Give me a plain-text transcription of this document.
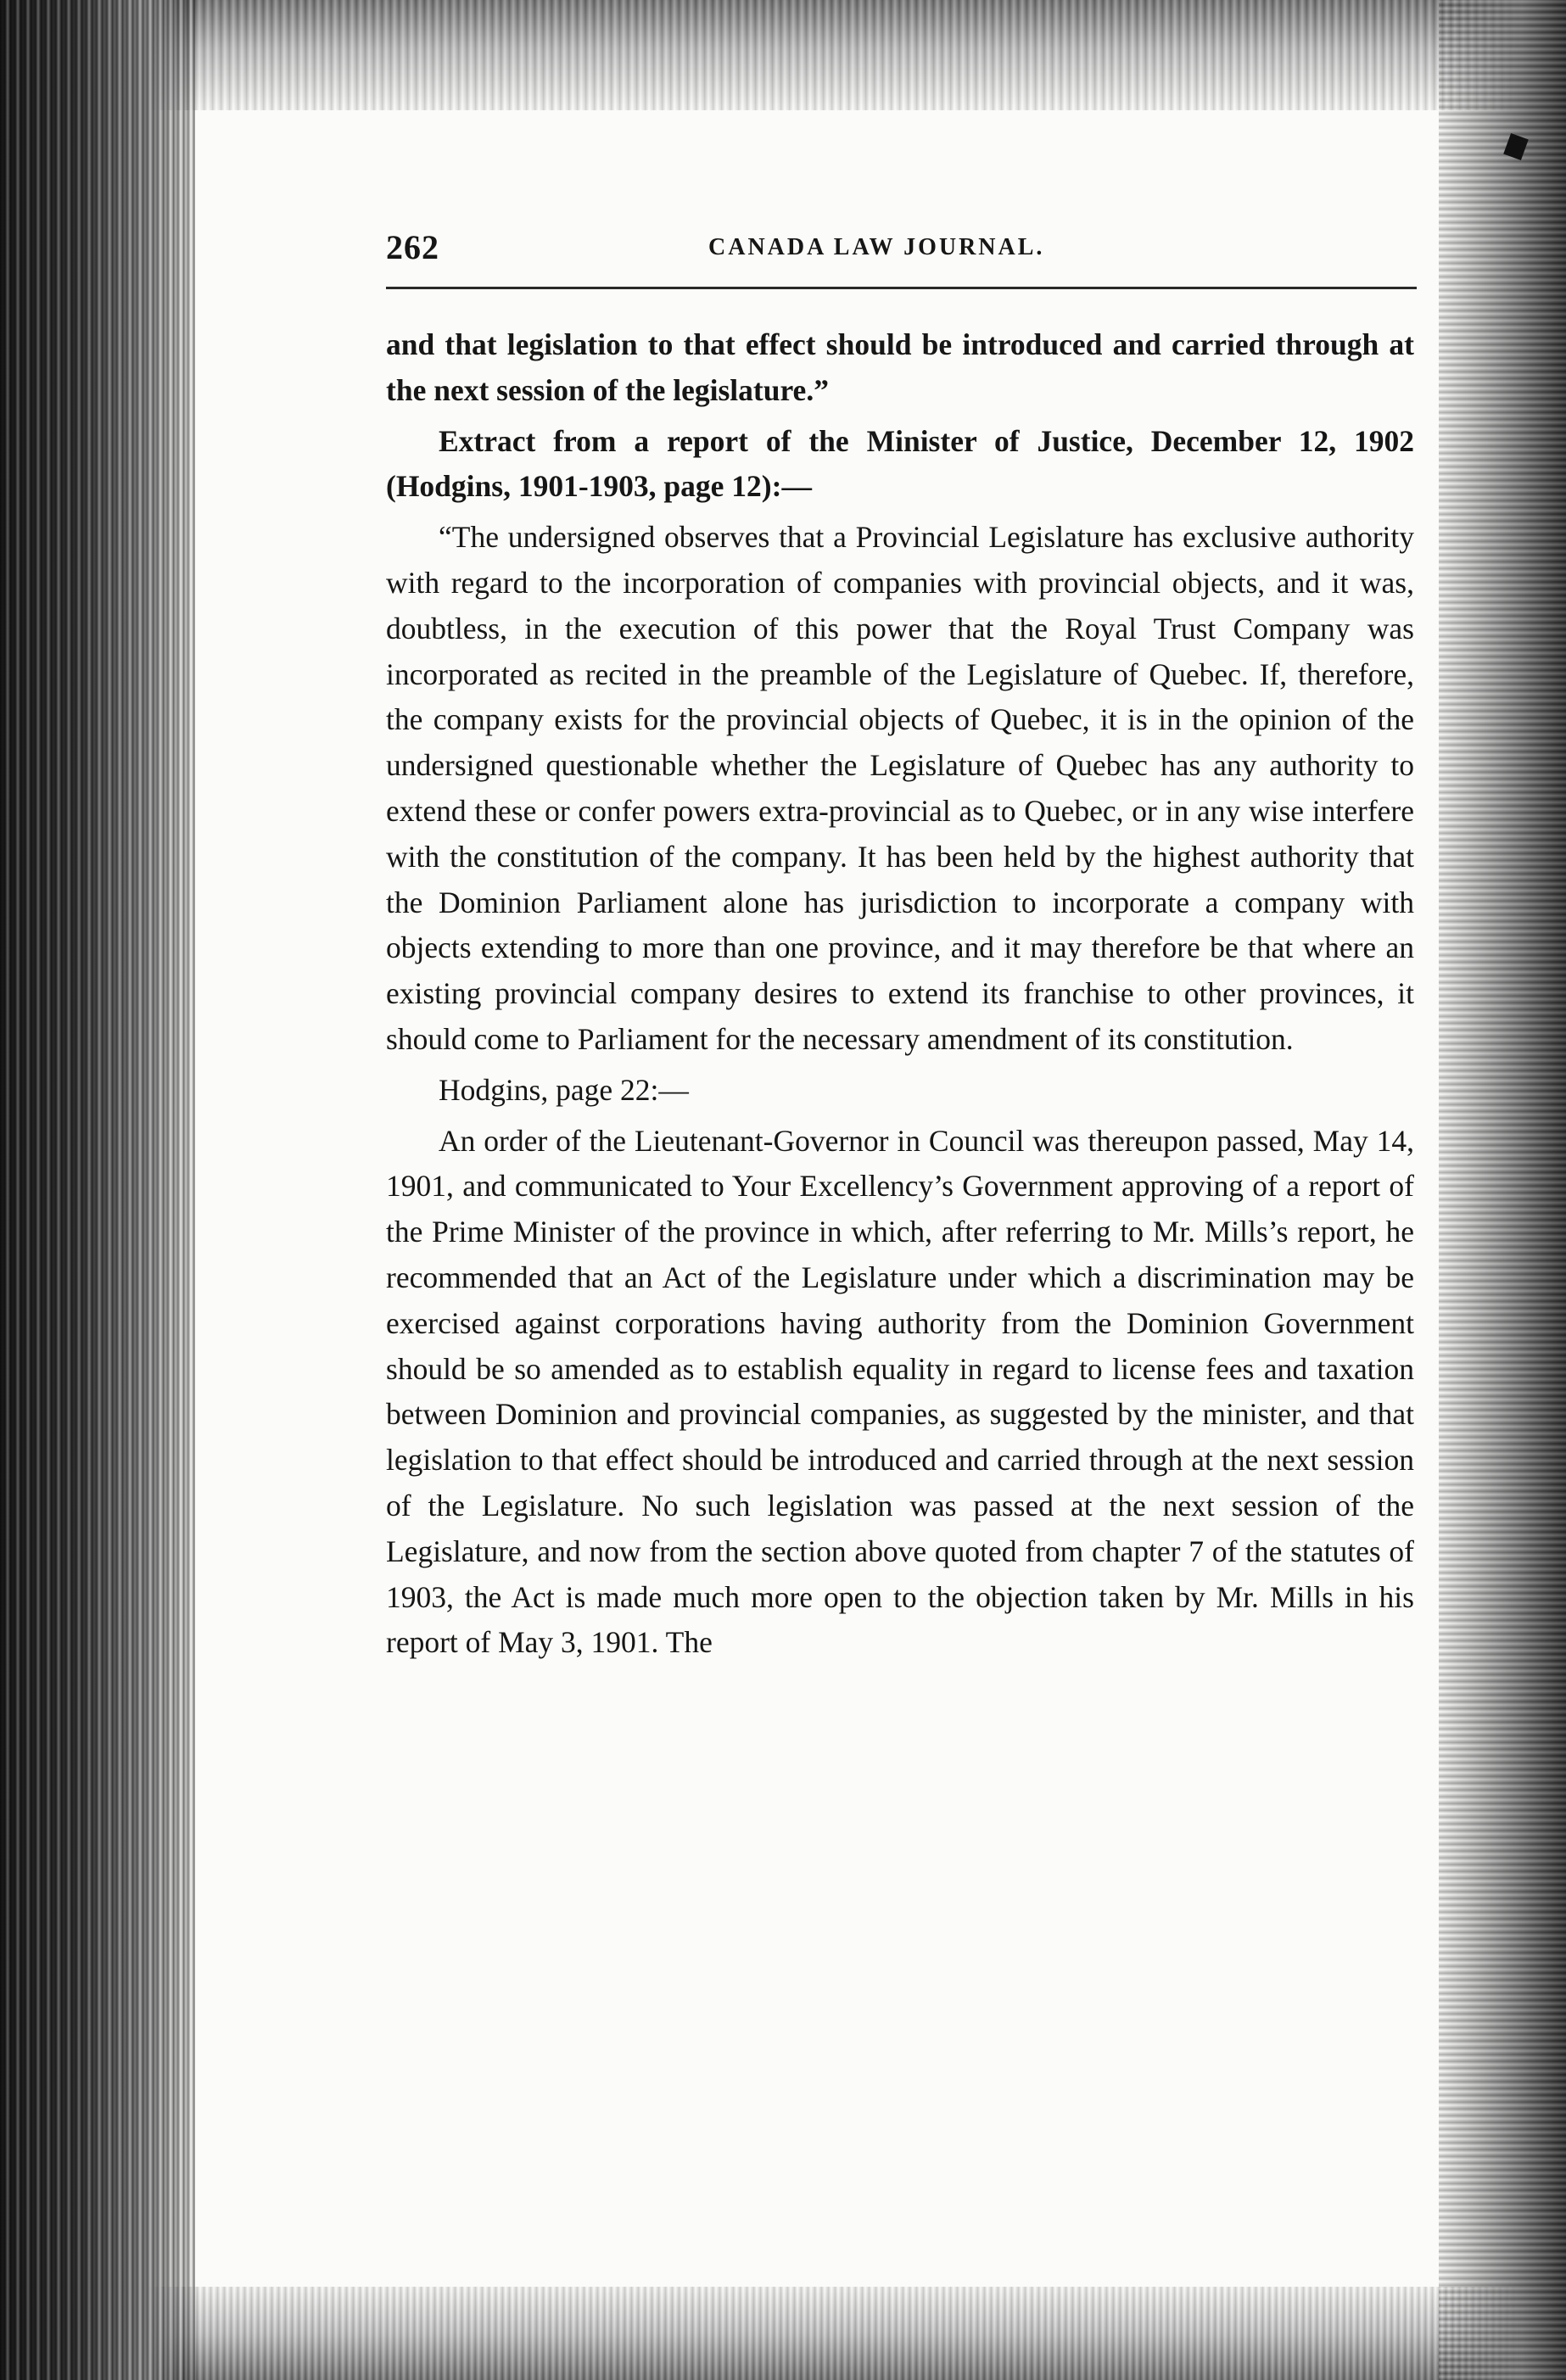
262	CANADA LAW JOURNAL.

and that legislation to that effect should be introduced and carried through at the next session of the legislature.”

Extract from a report of the Minister of Justice, December 12, 1902 (Hodgins, 1901-1903, page 12):—

“The undersigned observes that a Provincial Legislature has exclusive authority with regard to the incorporation of companies with provincial objects, and it was, doubtless, in the execution of this power that the Royal Trust Company was incorporated as recited in the preamble of the Legislature of Quebec. If, therefore, the company exists for the provincial objects of Quebec, it is in the opinion of the undersigned questionable whether the Legislature of Quebec has any authority to extend these or confer powers extra-provincial as to Quebec, or in any wise interfere with the constitution of the company. It has been held by the highest authority that the Dominion Parliament alone has jurisdiction to incorporate a company with objects extending to more than one province, and it may therefore be that where an existing provincial company desires to extend its franchise to other provinces, it should come to Parliament for the necessary amendment of its constitution.

Hodgins, page 22:—

An order of the Lieutenant-Governor in Council was thereupon passed, May 14, 1901, and communicated to Your Excellency’s Government approving of a report of the Prime Minister of the province in which, after referring to Mr. Mills’s report, he recommended that an Act of the Legislature under which a discrimination may be exercised against corporations having authority from the Dominion Government should be so amended as to establish equality in regard to license fees and taxation between Dominion and provincial companies, as suggested by the minister, and that legislation to that effect should be introduced and carried through at the next session of the Legislature. No such legislation was passed at the next session of the Legislature, and now from the section above quoted from chapter 7 of the statutes of 1903, the Act is made much more open to the objection taken by Mr. Mills in his report of May 3, 1901. The
